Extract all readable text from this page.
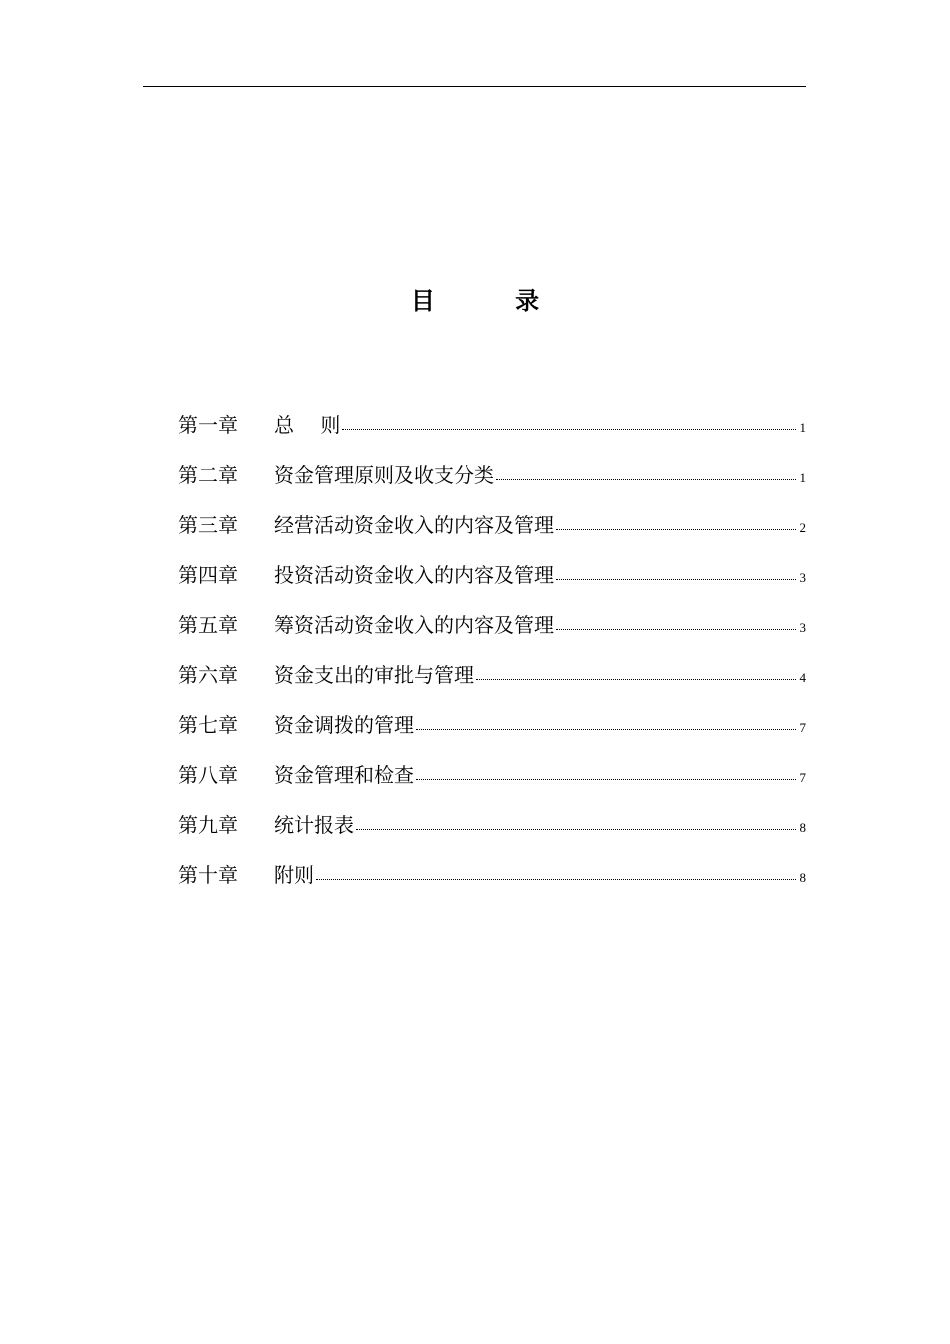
目 录
第一章	总　 则	1
第二章	资金管理原则及收支分类	1
第三章	经营活动资金收入的内容及管理	2
第四章	投资活动资金收入的内容及管理	3
第五章	筹资活动资金收入的内容及管理	3
第六章	资金支出的审批与管理	4
第七章	资金调拨的管理	7
第八章	资金管理和检查	7
第九章	统计报表	8
第十章	附则	8
